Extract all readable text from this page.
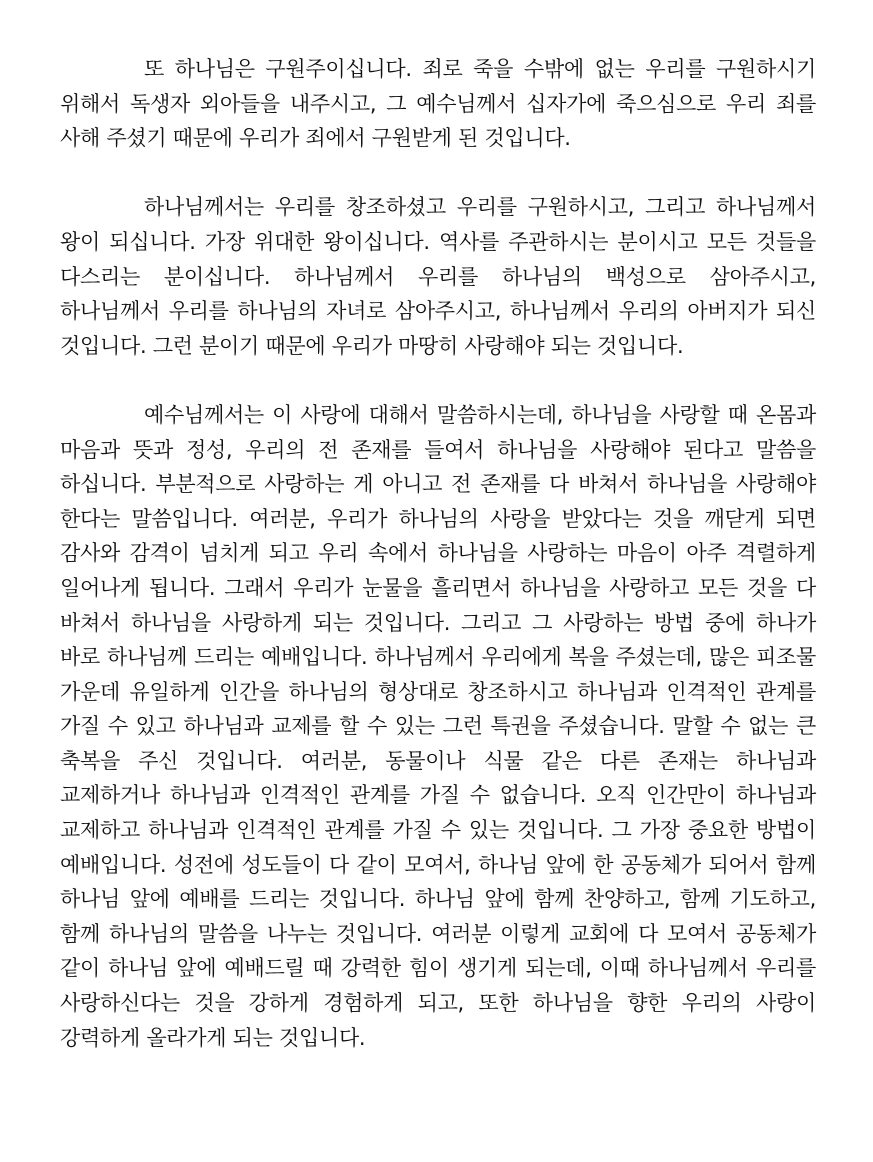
또 하나님은 구원주이십니다. 죄로 죽을 수밖에 없는 우리를 구원하시기 위해서 독생자 외아들을 내주시고, 그 예수님께서 십자가에 죽으심으로 우리 죄를 사해 주셨기 때문에 우리가 죄에서 구원받게 된 것입니다.

하나님께서는 우리를 창조하셨고 우리를 구원하시고, 그리고 하나님께서 왕이 되십니다. 가장 위대한 왕이십니다. 역사를 주관하시는 분이시고 모든 것들을 다스리는 분이십니다. 하나님께서 우리를 하나님의 백성으로 삼아주시고, 하나님께서 우리를 하나님의 자녀로 삼아주시고, 하나님께서 우리의 아버지가 되신 것입니다. 그런 분이기 때문에 우리가 마땅히 사랑해야 되는 것입니다.

예수님께서는 이 사랑에 대해서 말씀하시는데, 하나님을 사랑할 때 온몸과 마음과 뜻과 정성, 우리의 전 존재를 들여서 하나님을 사랑해야 된다고 말씀을 하십니다. 부분적으로 사랑하는 게 아니고 전 존재를 다 바쳐서 하나님을 사랑해야 한다는 말씀입니다. 여러분, 우리가 하나님의 사랑을 받았다는 것을 깨닫게 되면 감사와 감격이 넘치게 되고 우리 속에서 하나님을 사랑하는 마음이 아주 격렬하게 일어나게 됩니다. 그래서 우리가 눈물을 흘리면서 하나님을 사랑하고 모든 것을 다 바쳐서 하나님을 사랑하게 되는 것입니다. 그리고 그 사랑하는 방법 중에 하나가 바로 하나님께 드리는 예배입니다. 하나님께서 우리에게 복을 주셨는데, 많은 피조물 가운데 유일하게 인간을 하나님의 형상대로 창조하시고 하나님과 인격적인 관계를 가질 수 있고 하나님과 교제를 할 수 있는 그런 특권을 주셨습니다. 말할 수 없는 큰 축복을 주신 것입니다. 여러분, 동물이나 식물 같은 다른 존재는 하나님과 교제하거나 하나님과 인격적인 관계를 가질 수 없습니다. 오직 인간만이 하나님과 교제하고 하나님과 인격적인 관계를 가질 수 있는 것입니다. 그 가장 중요한 방법이 예배입니다. 성전에 성도들이 다 같이 모여서, 하나님 앞에 한 공동체가 되어서 함께 하나님 앞에 예배를 드리는 것입니다. 하나님 앞에 함께 찬양하고, 함께 기도하고, 함께 하나님의 말씀을 나누는 것입니다. 여러분 이렇게 교회에 다 모여서 공동체가 같이 하나님 앞에 예배드릴 때 강력한 힘이 생기게 되는데, 이때 하나님께서 우리를 사랑하신다는 것을 강하게 경험하게 되고, 또한 하나님을 향한 우리의 사랑이 강력하게 올라가게 되는 것입니다.
